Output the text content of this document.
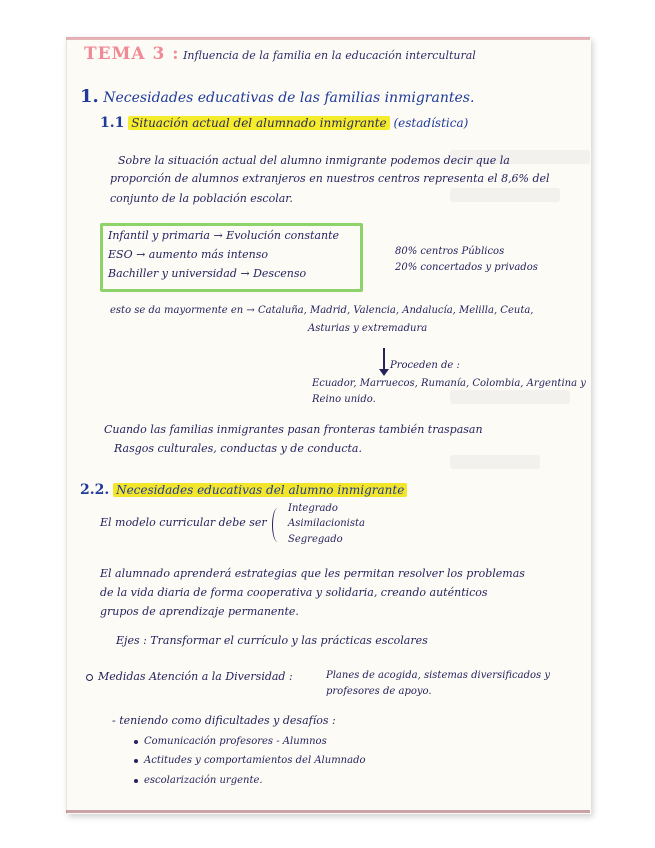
TEMA 3 : Influencia de la familia en la educación intercultural
1. Necesidades educativas de las familias inmigrantes.
1.1 Situación actual del alumnado inmigrante (estadística)
Sobre la situación actual del alumno inmigrante podemos decir que la
proporción de alumnos extranjeros en nuestros centros representa el 8,6% del
conjunto de la población escolar.
Infantil y primaria → Evolución constante
ESO → aumento más intenso
Bachiller y universidad → Descenso
80% centros Públicos
20% concertados y privados
esto se da mayormente en → Cataluña, Madrid, Valencia, Andalucía, Melilla, Ceuta,
Asturias y extremadura
Proceden de :
Ecuador, Marruecos, Rumanía, Colombia, Argentina y
Reino unido.
Cuando las familias inmigrantes pasan fronteras también traspasan
Rasgos culturales, conductas y de conducta.
2.2. Necesidades educativas del alumno inmigrante
El modelo curricular debe ser
Integrado
Asimilacionista
Segregado
El alumnado aprenderá estrategias que les permitan resolver los problemas
de la vida diaria de forma cooperativa y solidaria, creando auténticos
grupos de aprendizaje permanente.
Ejes : Transformar el currículo y las prácticas escolares
Medidas Atención a la Diversidad :	Planes de acogida, sistemas diversificados y
profesores de apoyo.
- teniendo como dificultades y desafíos :
Comunicación profesores - Alumnos
Actitudes y comportamientos del Alumnado
escolarización urgente.
